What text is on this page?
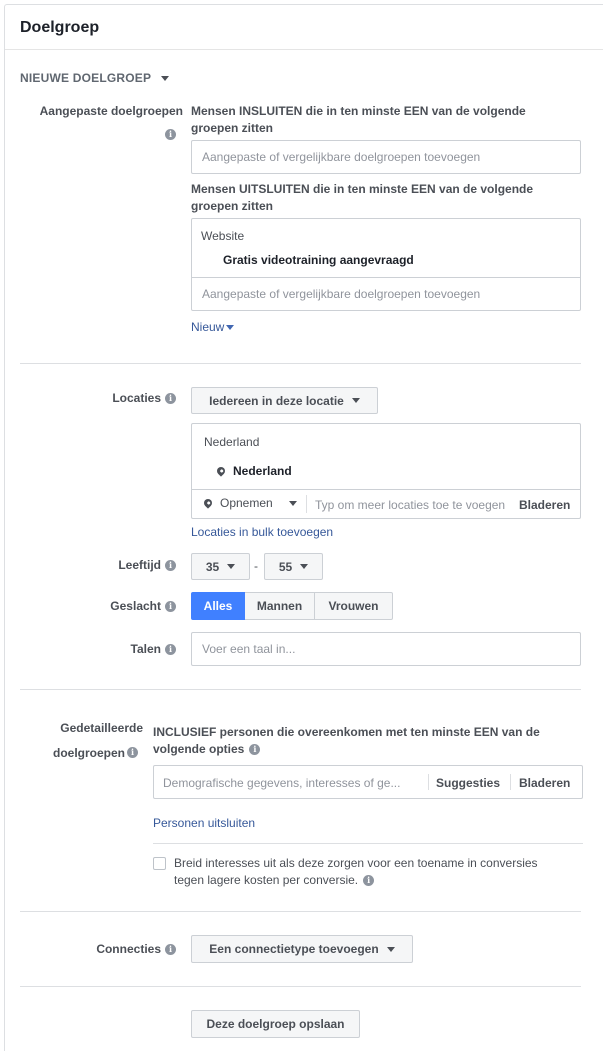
Doelgroep
NIEUWE DOELGROEP
Aangepaste doelgroepen
i
Mensen INSLUITEN die in ten minste EEN van de volgende
groepen zitten
Aangepaste of vergelijkbare doelgroepen toevoegen
Mensen UITSLUITEN die in ten minste EEN van de volgende
groepen zitten
Website
Gratis videotraining aangevraagd
Aangepaste of vergelijkbare doelgroepen toevoegen
Nieuw
Locaties i	Iedereen in deze locatie
Nederland
Nederland
Opnemen	Typ om meer locaties toe te voegen Bladeren
Locaties in bulk toevoegen
Leeftijd i	35	- 55
Geslacht i	Alles	Mannen	Vrouwen
Talen i	Voer een taal in...
Gedetailleerde
doelgroepen i
INCLUSIEF personen die overeenkomen met ten minste EEN van de
volgende opties	i
Demografische gegevens, interesses of ge...	Suggesties Bladeren
Personen uitsluiten
Breid interesses uit als deze zorgen voor een toename in conversies
tegen lagere kosten per conversie.	i
Connecties i	Een connectietype toevoegen
Deze doelgroep opslaan
